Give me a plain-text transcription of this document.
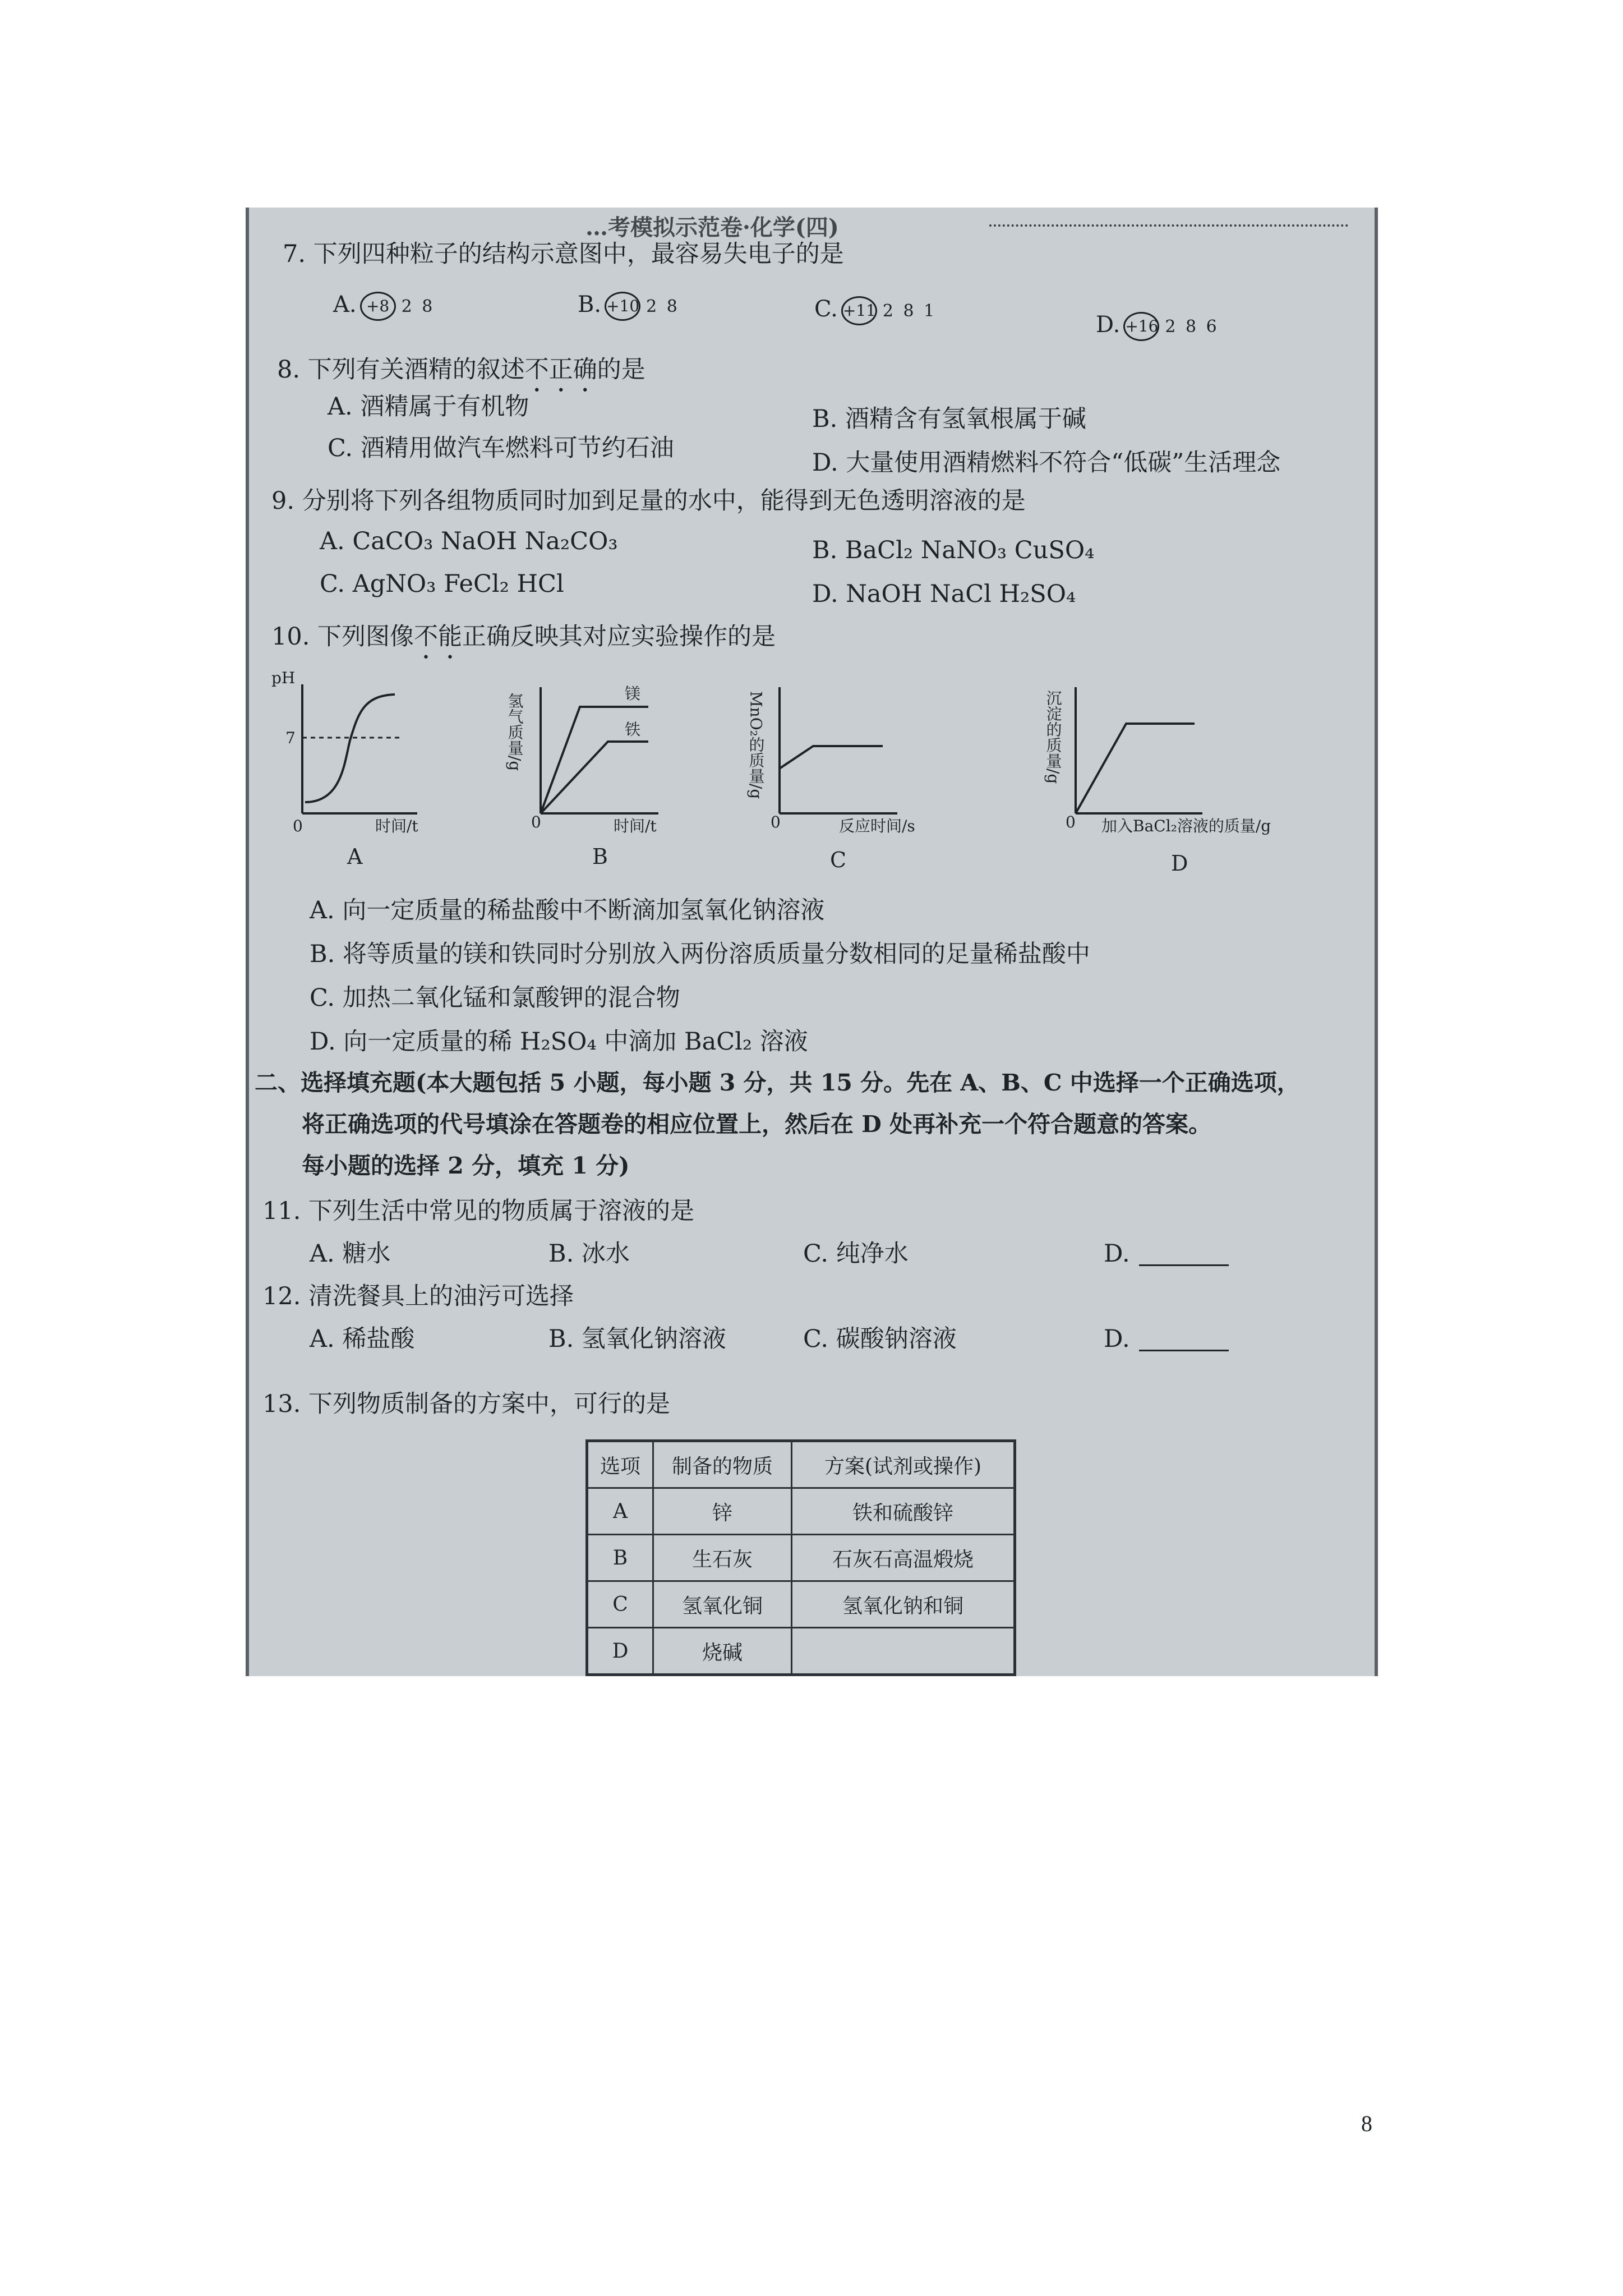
…考模拟示范卷·化学(四)
7. 下列四种粒子的结构示意图中，最容易失电子的是
A. +8 2 8	B. +10 2 8	C. +11 2 8 1
D. +16 2 8 6
8. 下列有关酒精的叙述不正确的是
A. 酒精属于有机物	B. 酒精含有氢氧根属于碱
C. 酒精用做汽车燃料可节约石油
D. 大量使用酒精燃料不符合“低碳”生活理念
9. 分别将下列各组物质同时加到足量的水中，能得到无色透明溶液的是
A. CaCO₃ NaOH Na₂CO₃	B. BaCl₂ NaNO₃ CuSO₄
C. AgNO₃ FeCl₂ HCl	D. NaOH NaCl H₂SO₄
10. 下列图像不能正确反映其对应实验操作的是
pH
7
0	时间/t
A
0	时间/t
镁
铁
B
氢气质量/g
0	反应时间/s
C
MnO₂的质量/g
0 加入BaCl₂溶液的质量/g
D
沉淀的质量/g
A. 向一定质量的稀盐酸中不断滴加氢氧化钠溶液
B. 将等质量的镁和铁同时分别放入两份溶质质量分数相同的足量稀盐酸中
C. 加热二氧化锰和氯酸钾的混合物
D. 向一定质量的稀 H₂SO₄ 中滴加 BaCl₂ 溶液
二、选择填充题(本大题包括 5 小题，每小题 3 分，共 15 分。先在 A、B、C 中选择一个正确选项，
将正确选项的代号填涂在答题卷的相应位置上，然后在 D 处再补充一个符合题意的答案。
每小题的选择 2 分，填充 1 分)
11. 下列生活中常见的物质属于溶液的是
A. 糖水	B. 冰水	C. 纯净水	D.
12. 清洗餐具上的油污可选择
A. 稀盐酸	B. 氢氧化钠溶液	C. 碳酸钠溶液	D.
13. 下列物质制备的方案中，可行的是
选项	制备的物质	方案(试剂或操作)
A	锌	铁和硫酸锌
B	生石灰	石灰石高温煅烧
C	氢氧化铜	氢氧化钠和铜
D	烧碱	
8
